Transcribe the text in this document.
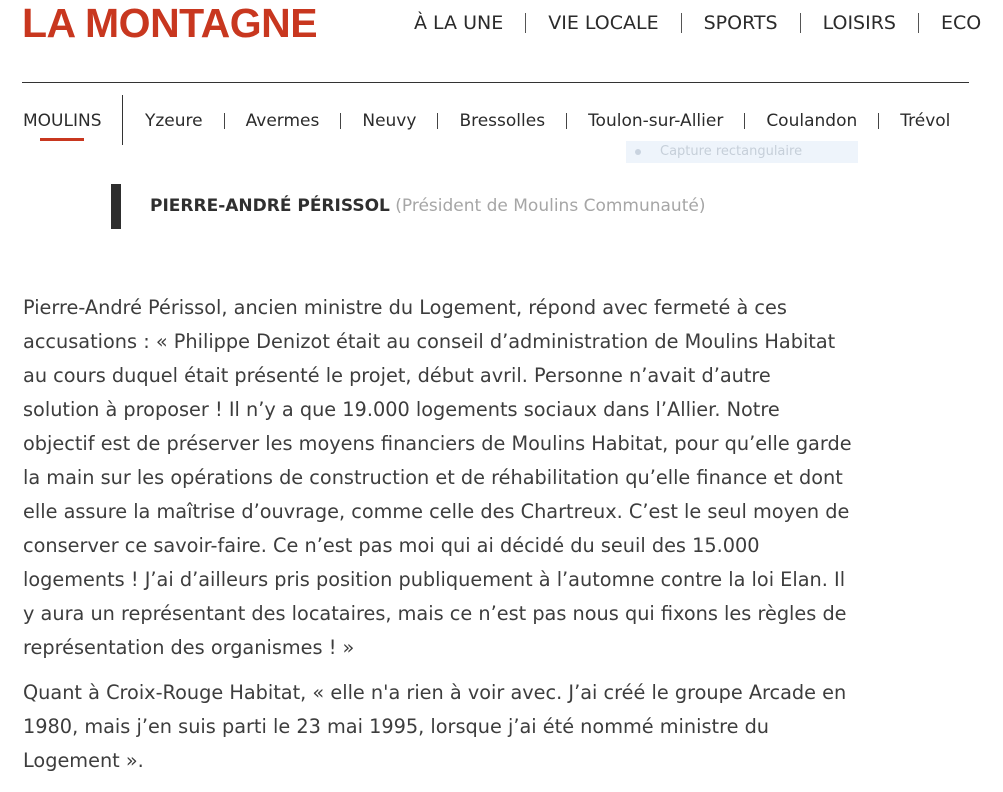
LA MONTAGNE	À LA UNE	VIE LOCALE	SPORTS	LOISIRS	ECO
MOULINS	Yzeure	Avermes	Neuvy	Bressolles	Toulon-sur-Allier	Coulandon	Trévol
Capture rectangulaire
PIERRE-ANDRÉ PÉRISSOL (Président de Moulins Communauté)

Pierre-André Périssol, ancien ministre du Logement, répond avec fermeté à ces accusations : « Philippe Denizot était au conseil d’administration de Moulins Habitat au cours duquel était présenté le projet, début avril. Personne n’avait d’autre solution à proposer ! Il n’y a que 19.000 logements sociaux dans l’Allier. Notre objectif est de préserver les moyens financiers de Moulins Habitat, pour qu’elle garde la main sur les opérations de construction et de réhabilitation qu’elle finance et dont elle assure la maîtrise d’ouvrage, comme celle des Chartreux. C’est le seul moyen de conserver ce savoir-faire. Ce n’est pas moi qui ai décidé du seuil des 15.000 logements ! J’ai d’ailleurs pris position publiquement à l’automne contre la loi Elan. Il y aura un représentant des locataires, mais ce n’est pas nous qui fixons les règles de représentation des organismes ! »

Quant à Croix-Rouge Habitat, « elle n'a rien à voir avec. J’ai créé le groupe Arcade en 1980, mais j’en suis parti le 23 mai 1995, lorsque j’ai été nommé ministre du Logement ».
